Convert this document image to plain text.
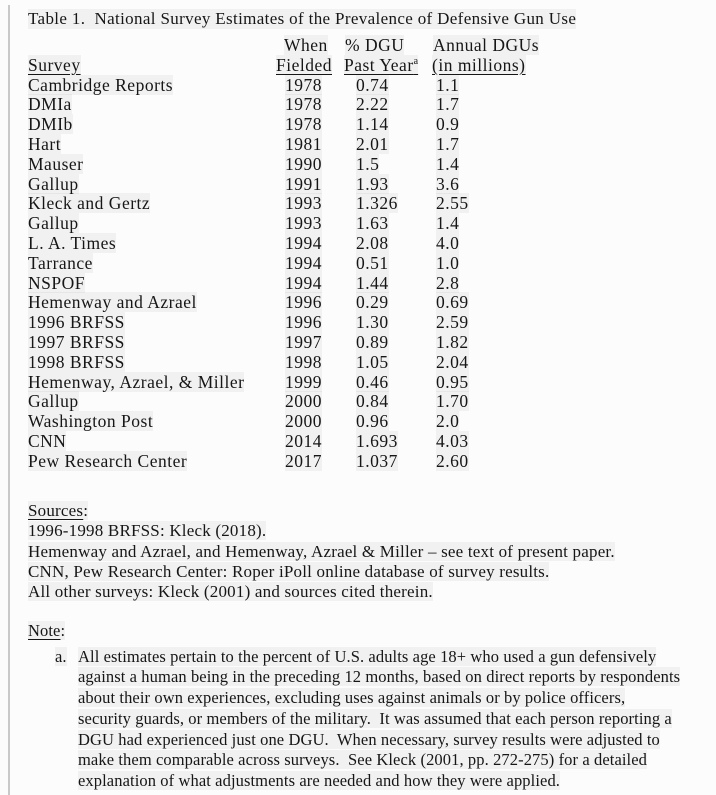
Table 1.  National Survey Estimates of the Prevalence of Defensive Gun Use
	When	% DGU	Annual DGUs
Survey	Fielded	Past Year$^a$	(in millions)
Cambridge Reports	1978	0.74	1.1
DMIa	1978	2.22	1.7
DMIb	1978	1.14	0.9
Hart	1981	2.01	1.7
Mauser	1990	1.5	1.4
Gallup	1991	1.93	3.6
Kleck and Gertz	1993	1.326	2.55
Gallup	1993	1.63	1.4
L. A. Times	1994	2.08	4.0
Tarrance	1994	0.51	1.0
NSPOF	1994	1.44	2.8
Hemenway and Azrael	1996	0.29	0.69
1996 BRFSS	1996	1.30	2.59
1997 BRFSS	1997	0.89	1.82
1998 BRFSS	1998	1.05	2.04
Hemenway, Azrael, & Miller	1999	0.46	0.95
Gallup	2000	0.84	1.70
Washington Post	2000	0.96	2.0
CNN	2014	1.693	4.03
Pew Research Center	2017	1.037	2.60
Sources:
1996-1998 BRFSS: Kleck (2018).
Hemenway and Azrael, and Hemenway, Azrael & Miller – see text of present paper.
CNN, Pew Research Center: Roper iPoll online database of survey results.
All other surveys: Kleck (2001) and sources cited therein.
Note:
a. All estimates pertain to the percent of U.S. adults age 18+ who used a gun defensively
against a human being in the preceding 12 months, based on direct reports by respondents
about their own experiences, excluding uses against animals or by police officers,
security guards, or members of the military.  It was assumed that each person reporting a
DGU had experienced just one DGU.  When necessary, survey results were adjusted to
make them comparable across surveys.  See Kleck (2001, pp. 272-275) for a detailed
explanation of what adjustments are needed and how they were applied.
